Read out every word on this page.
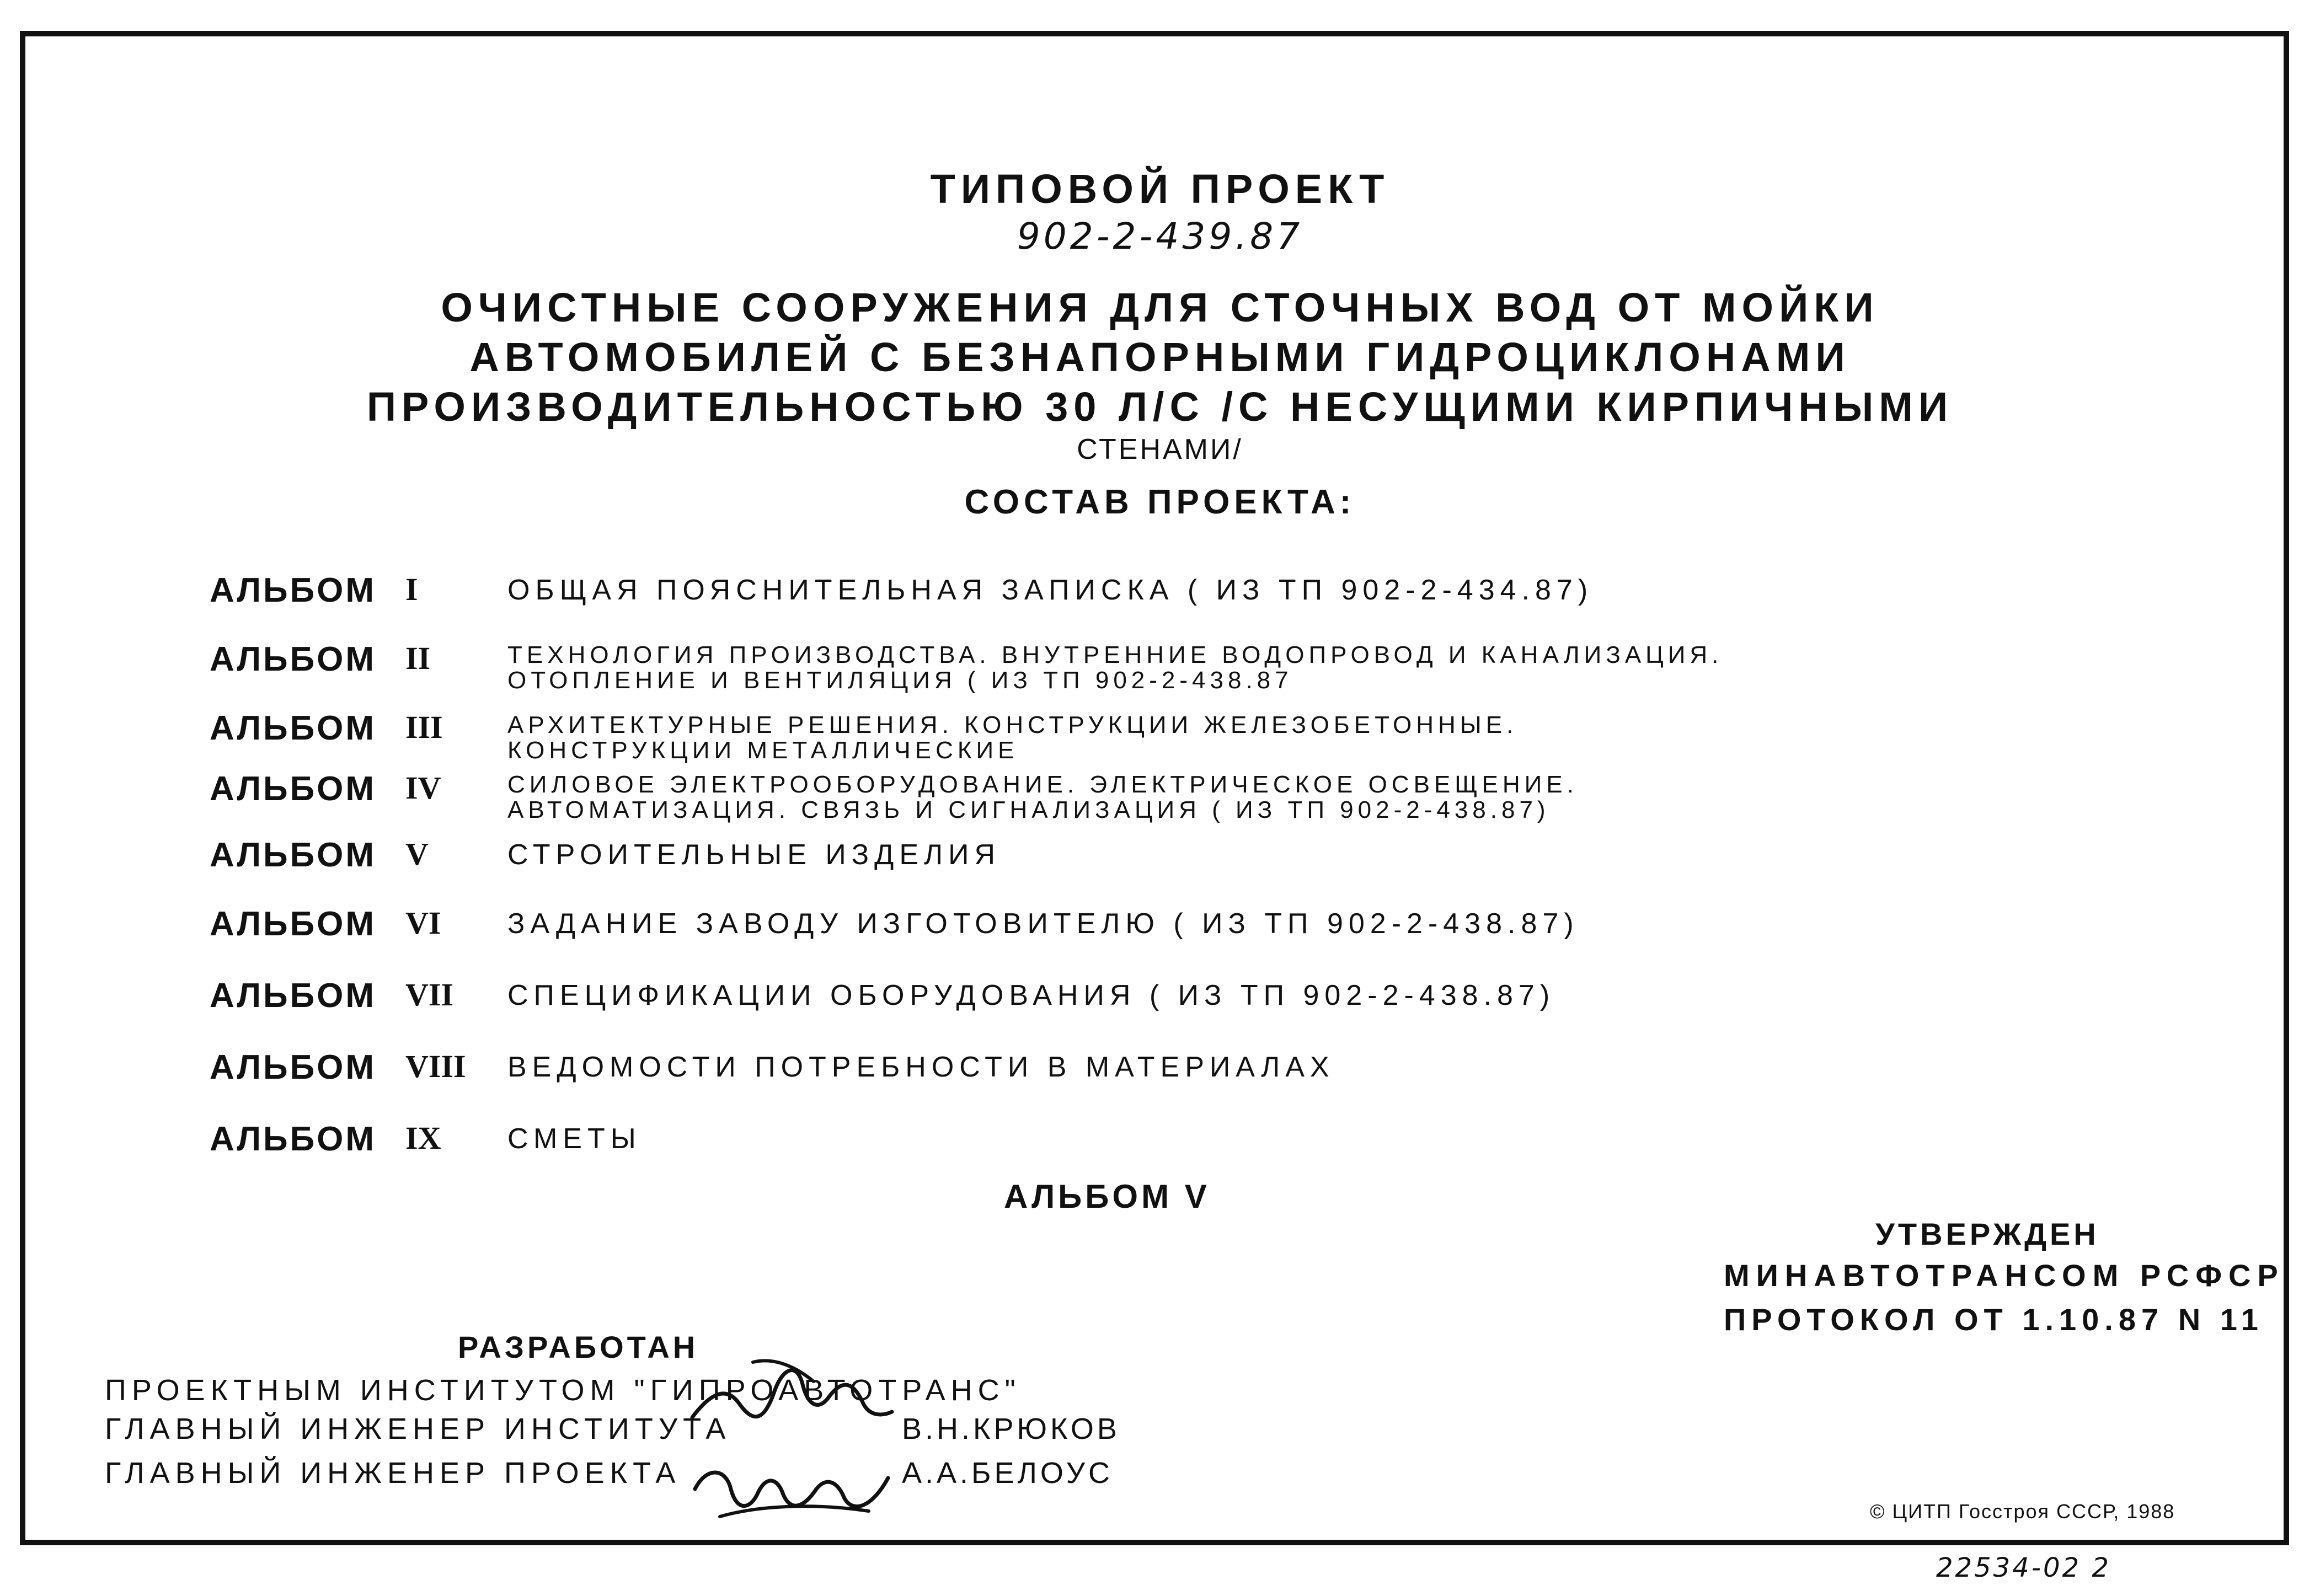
ТИПОВОЙ ПРОЕКТ
902-2-439.87
ОЧИСТНЫЕ СООРУЖЕНИЯ ДЛЯ СТОЧНЫХ ВОД ОТ МОЙКИ
АВТОМОБИЛЕЙ С БЕЗНАПОРНЫМИ ГИДРОЦИКЛОНАМИ
ПРОИЗВОДИТЕЛЬНОСТЬЮ 30 Л/С /С НЕСУЩИМИ КИРПИЧНЫМИ
СТЕНАМИ/
СОСТАВ ПРОЕКТА:
АЛЬБОМ I	ОБЩАЯ ПОЯСНИТЕЛЬНАЯ ЗАПИСКА ( ИЗ ТП 902-2-434.87)
АЛЬБОМ II	ТЕХНОЛОГИЯ ПРОИЗВОДСТВА. ВНУТРЕННИЕ ВОДОПРОВОД И КАНАЛИЗАЦИЯ.
ОТОПЛЕНИЕ И ВЕНТИЛЯЦИЯ ( ИЗ ТП 902-2-438.87
АЛЬБОМ III	АРХИТЕКТУРНЫЕ РЕШЕНИЯ. КОНСТРУКЦИИ ЖЕЛЕЗОБЕТОННЫЕ.
КОНСТРУКЦИИ МЕТАЛЛИЧЕСКИЕ
АЛЬБОМ IV	СИЛОВОЕ ЭЛЕКТРООБОРУДОВАНИЕ. ЭЛЕКТРИЧЕСКОЕ ОСВЕЩЕНИЕ.
АВТОМАТИЗАЦИЯ. СВЯЗЬ И СИГНАЛИЗАЦИЯ ( ИЗ ТП 902-2-438.87)
АЛЬБОМ V	СТРОИТЕЛЬНЫЕ ИЗДЕЛИЯ
АЛЬБОМ VI ЗАДАНИЕ ЗАВОДУ ИЗГОТОВИТЕЛЮ ( ИЗ ТП 902-2-438.87)
АЛЬБОМ VII СПЕЦИФИКАЦИИ ОБОРУДОВАНИЯ ( ИЗ ТП 902-2-438.87)
АЛЬБОМ VIII ВЕДОМОСТИ ПОТРЕБНОСТИ В МАТЕРИАЛАХ
АЛЬБОМ IX СМЕТЫ
АЛЬБОМ V
УТВЕРЖДЕН
МИНАВТОТРАНСОМ РСФСР
ПРОТОКОЛ ОТ 1.10.87 N 11
РАЗРАБОТАН
ПРОЕКТНЫМ ИНСТИТУТОМ "ГИПРОАВТОТРАНС"
ГЛАВНЫЙ ИНЖЕНЕР ИНСТИТУТА	В.Н.КРЮКОВ
ГЛАВНЫЙ ИНЖЕНЕР ПРОЕКТА	А.А.БЕЛОУС
© ЦИТП Госстроя СССР, 1988
22534-02 2
